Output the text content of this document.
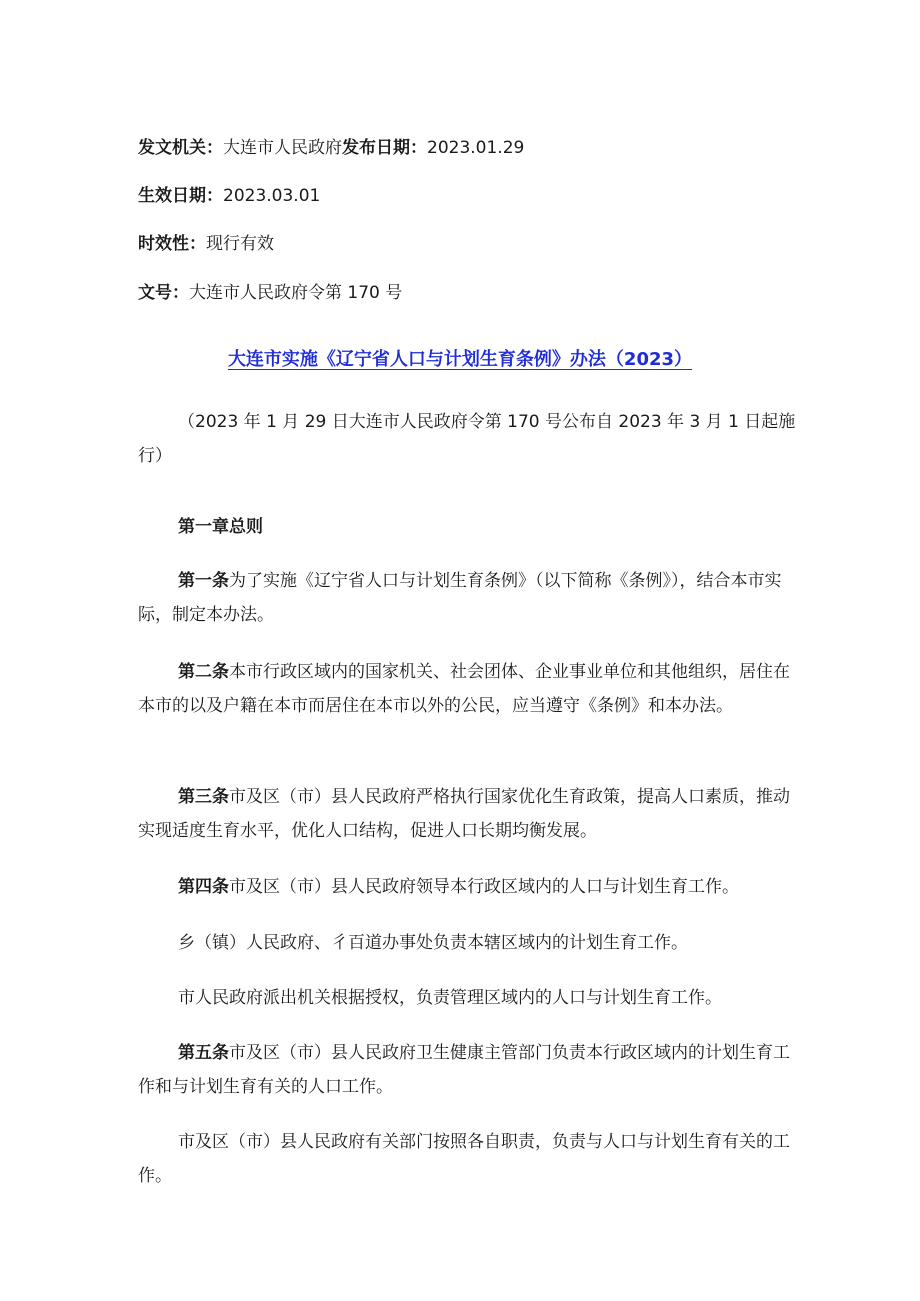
发文机关：大连市人民政府发布日期：2023.01.29
生效日期：2023.03.01
时效性：现行有效
文号：大连市人民政府令第 170 号
大连市实施《辽宁省人口与计划生育条例》办法（2023）
（2023 年 1 月 29 日大连市人民政府令第 170 号公布自 2023 年 3 月 1 日起施行）
第一章总则
第一条为了实施《辽宁省人口与计划生育条例》（以下简称《条例》），结合本市实际，制定本办法。
第二条本市行政区域内的国家机关、社会团体、企业事业单位和其他组织，居住在本市的以及户籍在本市而居住在本市以外的公民，应当遵守《条例》和本办法。
第三条市及区（市）县人民政府严格执行国家优化生育政策，提高人口素质，推动实现适度生育水平，优化人口结构，促进人口长期均衡发展。
第四条市及区（市）县人民政府领导本行政区域内的人口与计划生育工作。
乡（镇）人民政府、彳百道办事处负责本辖区域内的计划生育工作。
市人民政府派出机关根据授权，负责管理区域内的人口与计划生育工作。
第五条市及区（市）县人民政府卫生健康主管部门负责本行政区域内的计划生育工作和与计划生育有关的人口工作。
市及区（市）县人民政府有关部门按照各自职责，负责与人口与计划生育有关的工作。
